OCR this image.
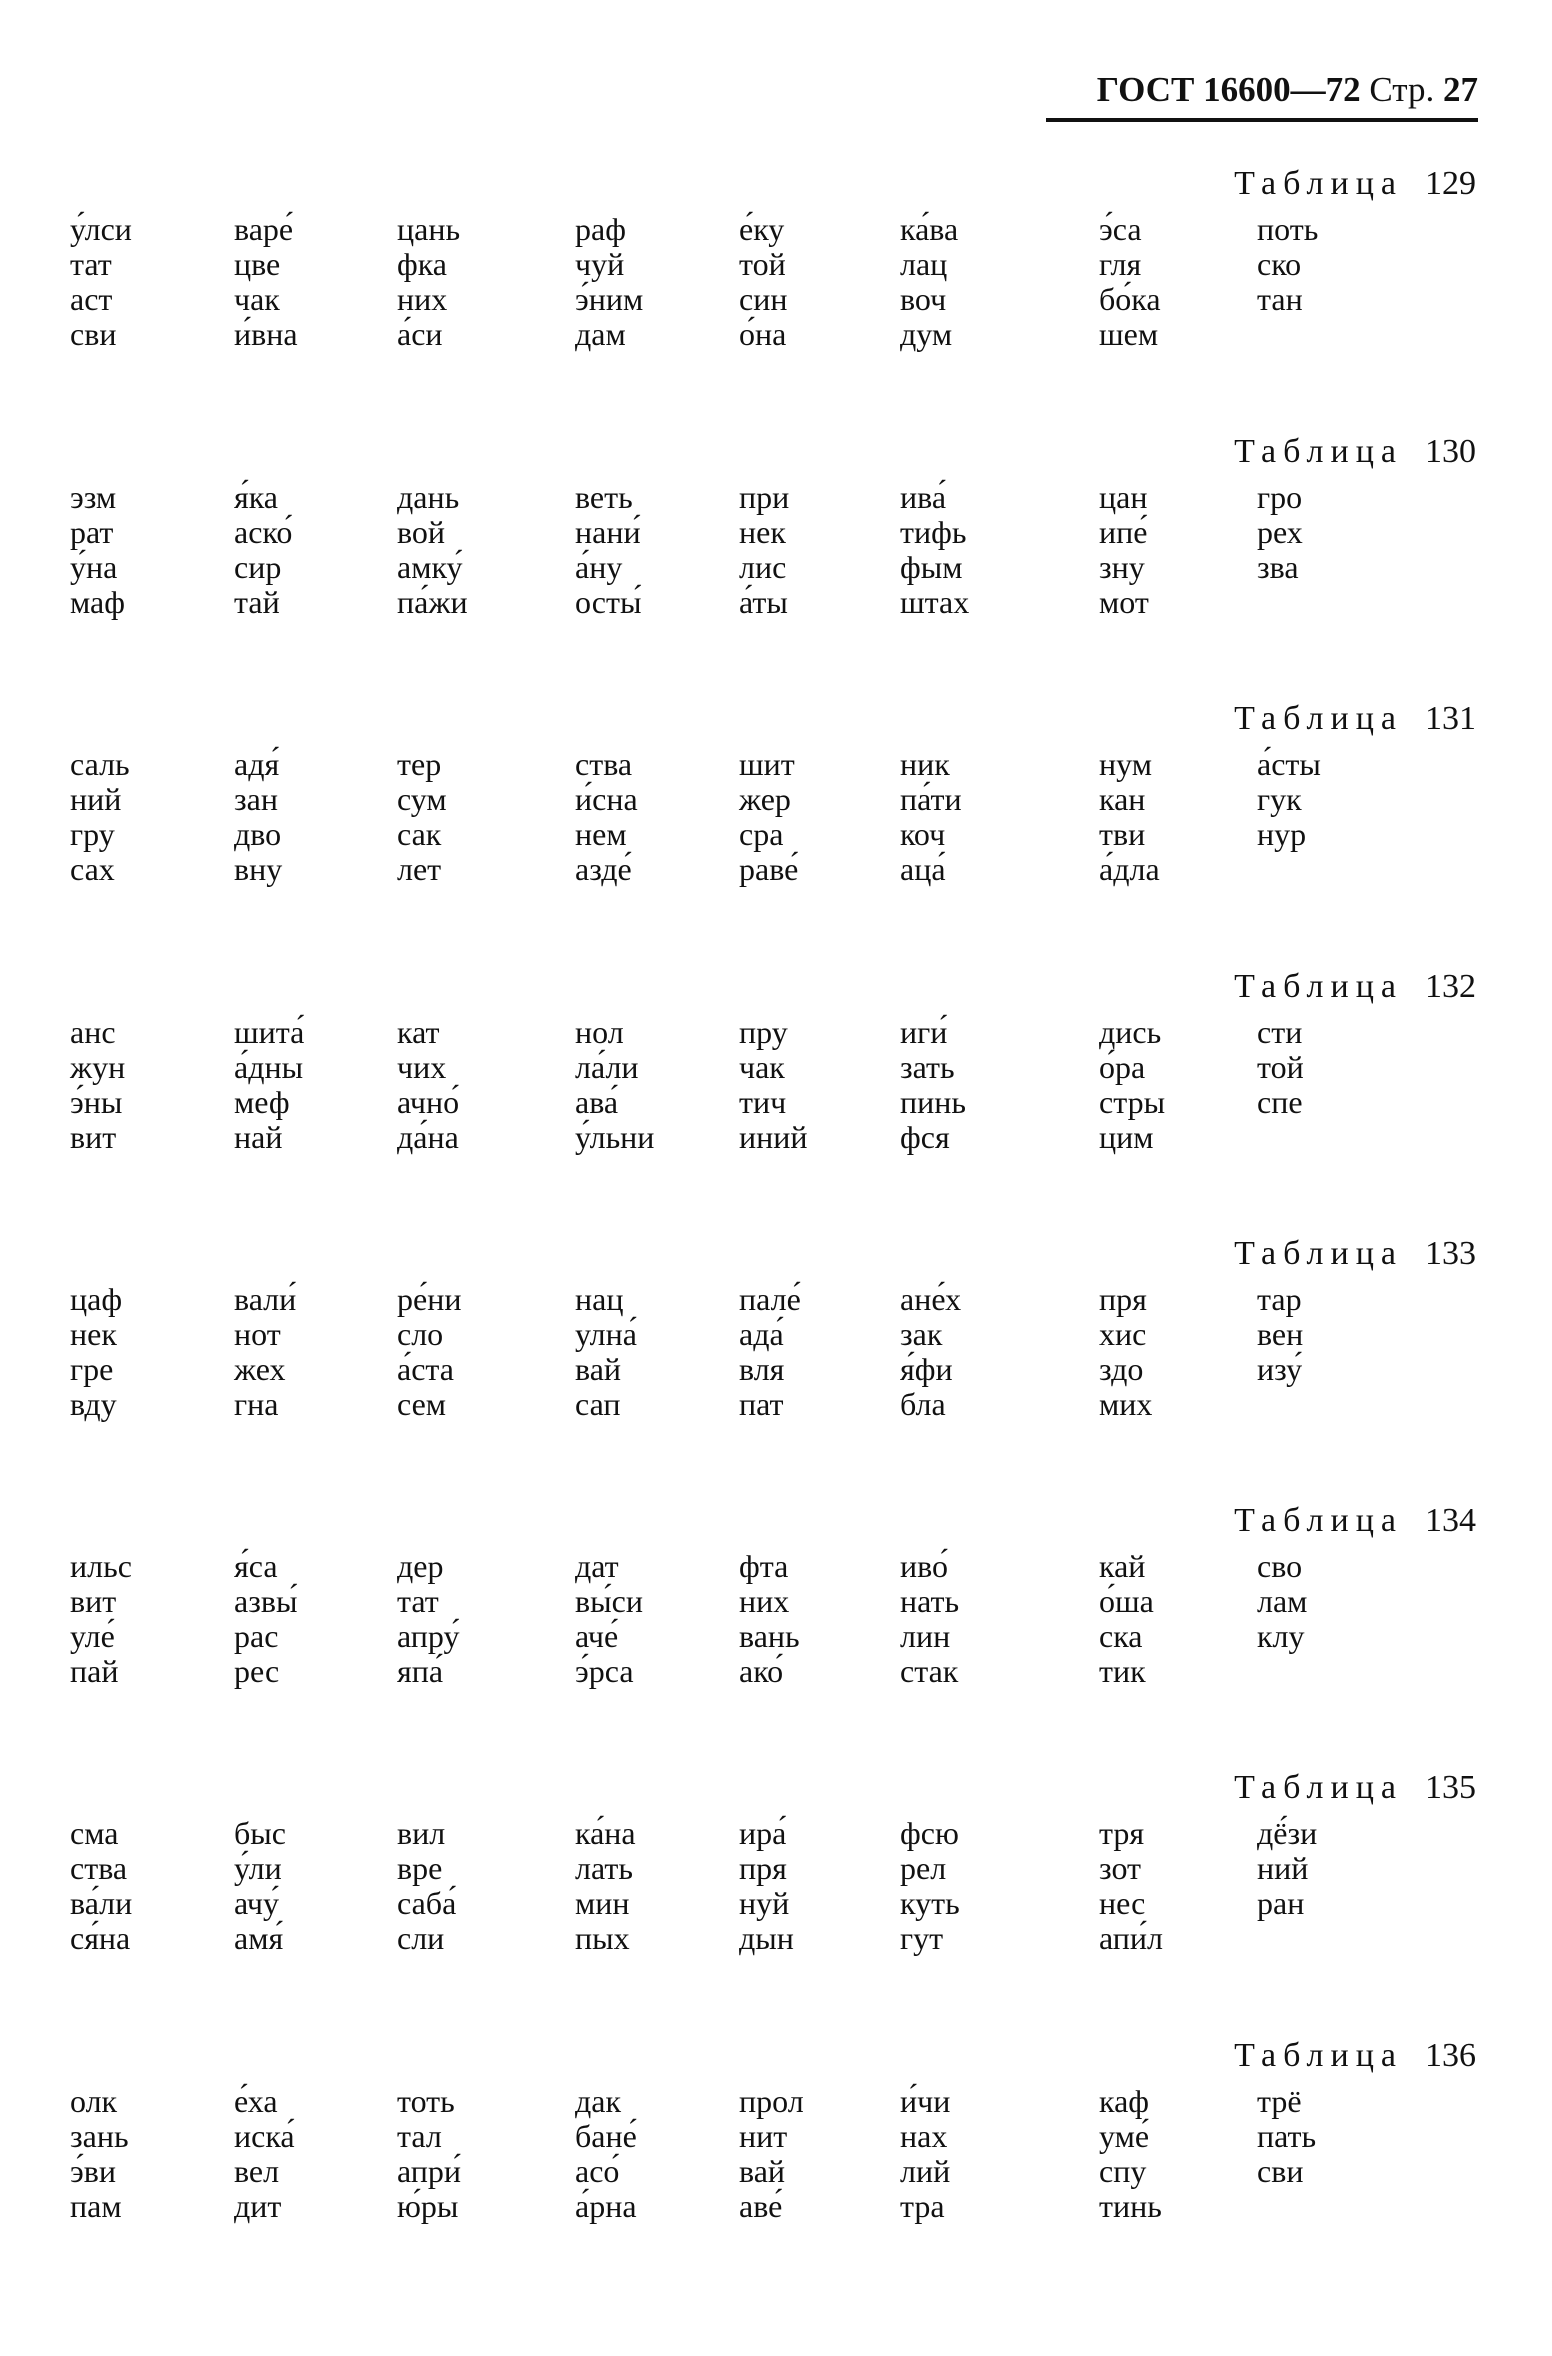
ГОСТ 16600—72 Стр. 27
Таблица 129
у́лси
тат
аст
сви
варе́
цве
чак
и́вна
цань
фка
них
а́си
раф
чуй
э́ним
дам
е́ку
той
син
о́на
ка́ва
лац
воч
дум
э́са
гля
бо́ка
шем
поть
ско
тан
Таблица 130
эзм
рат
у́на
маф
я́ка
аско́
сир
тай
дань
вой
амку́
па́жи
веть
нани́
а́ну
осты́
при
нек
лис
а́ты
ива́
тифь
фым
штах
цан
ипе́
зну
мот
гро
рех
зва
Таблица 131
саль
ний
гру
сах
адя́
зан
дво
вну
тер
сум
сак
лет
ства
и́сна
нем
азде́
шит
жер
сра
раве́
ник
па́ти
коч
аца́
нум
кан
тви
а́дла
а́сты
гук
нур
Таблица 132
анс
жун
э́ны
вит
шита́
а́дны
меф
най
кат
чих
ачно́
да́на
нол
ла́ли
ава́
у́льни
пру
чак
тич
иний
иги́
зать
пинь
фся
дись
о́ра
стры
цим
сти
той
спе
Таблица 133
цаф
нек
гре
вду
вали́
нот
жех
гна
ре́ни
сло
а́ста
сем
нац
улна́
вай
сап
пале́
ада́
вля
пат
ане́х
зак
я́фи
бла
пря
хис
здо
мих
тар
вен
изу́
Таблица 134
ильс
вит
уле́
пай
я́са
азвы́
рас
рес
дер
тат
апру́
япа́
дат
вы́си
аче́
э́рса
фта
них
вань
ако́
иво́
нать
лин
стак
кай
о́ша
ска
тик
сво
лам
клу
Таблица 135
сма
ства
ва́ли
ся́на
быс
у́ли
ачу́
амя́
вил
вре
саба́
сли
ка́на
лать
мин
пых
ира́
пря
нуй
дын
фсю
рел
куть
гут
тря
зот
нес
апи́л
дё́зи
ний
ран
Таблица 136
олк
зань
э́ви
пам
е́ха
иска́
вел
дит
тоть
тал
апри́
ю́ры
дак
бане́
асо́
а́рна
прол
нит
вай
аве́
и́чи
нах
лий
тра
каф
уме́
спу
тинь
трё
пать
сви
